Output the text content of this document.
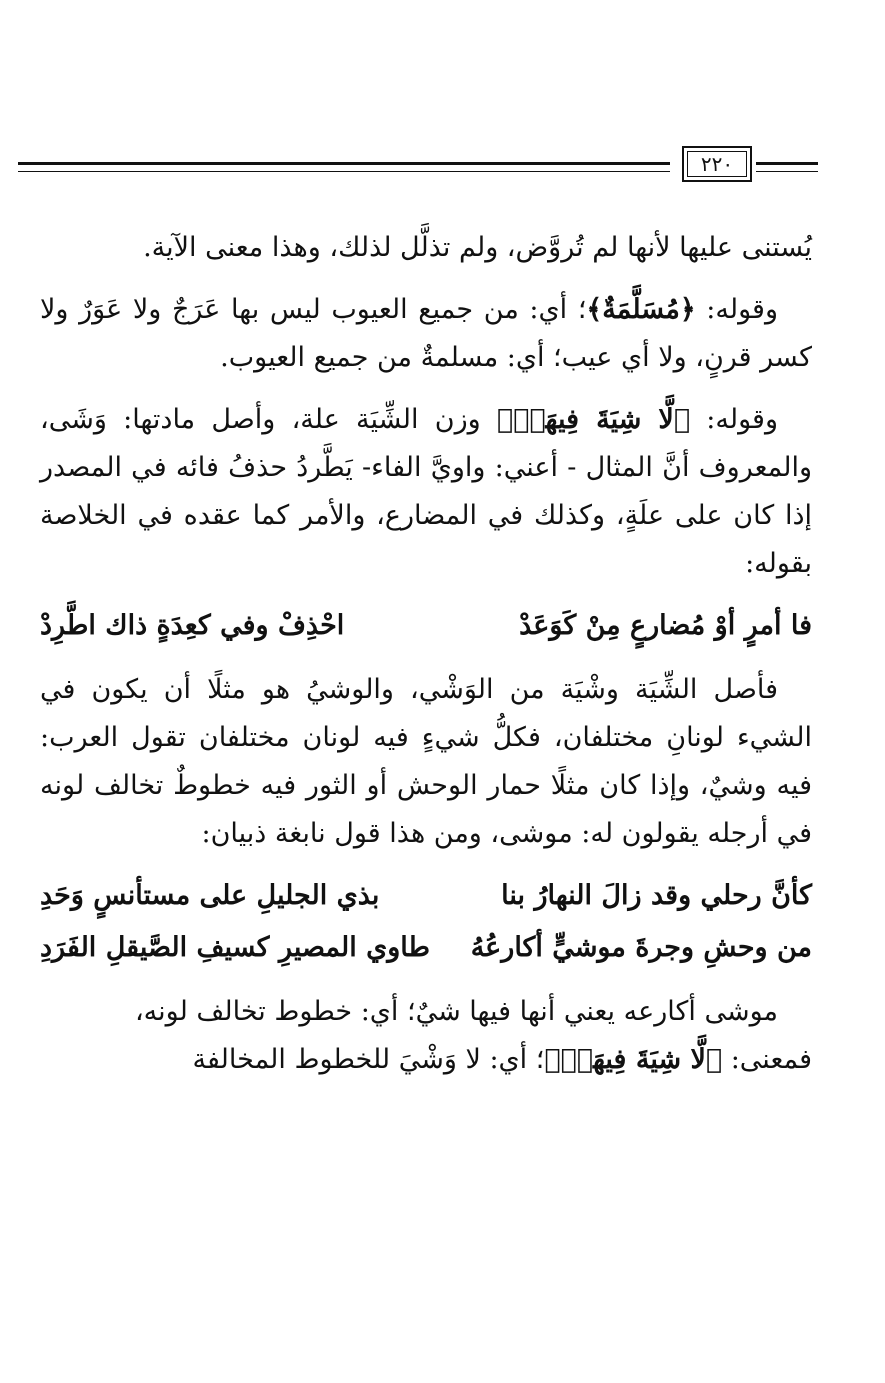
٢٢٠

يُستنى عليها لأنها لم تُروَّض، ولم تذلَّل لذلك، وهذا معنى الآية.

وقوله: ﴿مُسَلَّمَةٌ﴾؛ أي: من جميع العيوب ليس بها عَرَجٌ ولا عَوَرٌ ولا كسر قرنٍ، ولا أي عيب؛ أي: مسلمةٌ من جميع العيوب.

وقوله: ﴿لَّا شِيَةَ فِيهَاۚ﴾ وزن الشِّيَة علة، وأصل مادتها: وَشَى، والمعروف أنَّ المثال - أعني: واويَّ الفاء- يَطَّردُ حذفُ فائه في المصدر إذا كان على علَةٍ، وكذلك في المضارع، والأمر كما عقده في الخلاصة بقوله:

فا أمرٍ أوْ مُضارعٍ مِنْ كَوَعَدْ
احْذِفْ وفي كعِدَةٍ ذاك اطَّرِدْ

فأصل الشِّيَة وشْيَة من الوَشْي، والوشيُ هو مثلًا أن يكون في الشيء لونانِ مختلفان، فكلُّ شيءٍ فيه لونان مختلفان تقول العرب: فيه وشيٌ، وإذا كان مثلًا حمار الوحش أو الثور فيه خطوطٌ تخالف لونه في أرجله يقولون له: موشى، ومن هذا قول نابغة ذبيان:

كأنَّ رحلي وقد زالَ النهارُ بنا
بذي الجليلِ على مستأنسٍ وَحَدِ
من وحشِ وجرةَ موشيٍّ أكارعُهُ
طاوي المصيرِ كسيفِ الصَّيقلِ الفَرَدِ

موشى أكارعه يعني أنها فيها شيٌ؛ أي: خطوط تخالف لونه،

فمعنى: ﴿لَّا شِيَةَ فِيهَاۚ﴾؛ أي: لا وَشْيَ للخطوط المخالفة
